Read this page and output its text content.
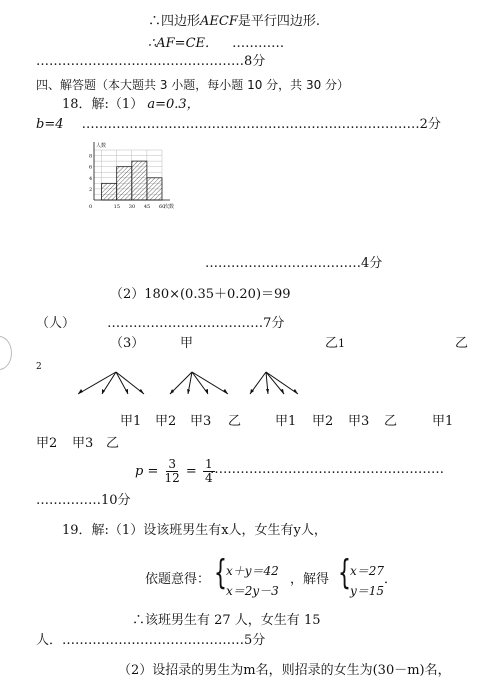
∴四边形AECF是平行四边形.
∴AF=CE． …………
…………………………………………8分
四、解答题（本大题共 3 小题，每小题 10 分，共 30 分）
18．解:（1） a=0.3，
b=4 ……………………………………………………………………2分
人数
次数
0	15 30 45 60
2
4
6
8
………………………………4分
（2）180×(0.35＋0.20)＝99
（人） ………………………………7分
（3）	甲	乙1	乙
2
甲1 甲2 甲3 乙	甲1 甲2 甲3 乙	甲1
甲2 甲3 乙
$p = \frac{3}{12} = \frac{1}{4}$
………………………………………………
……………10分
19．解:（1）设该班男生有x人，女生有y人，
依题意得： { x＋y＝42
x＝2y－3
，解得 { x＝27
y＝15
．
∴该班男生有 27 人，女生有 15
人．……………………………………5分
（2）设招录的男生为m名，则招录的女生为(30－m)名，
